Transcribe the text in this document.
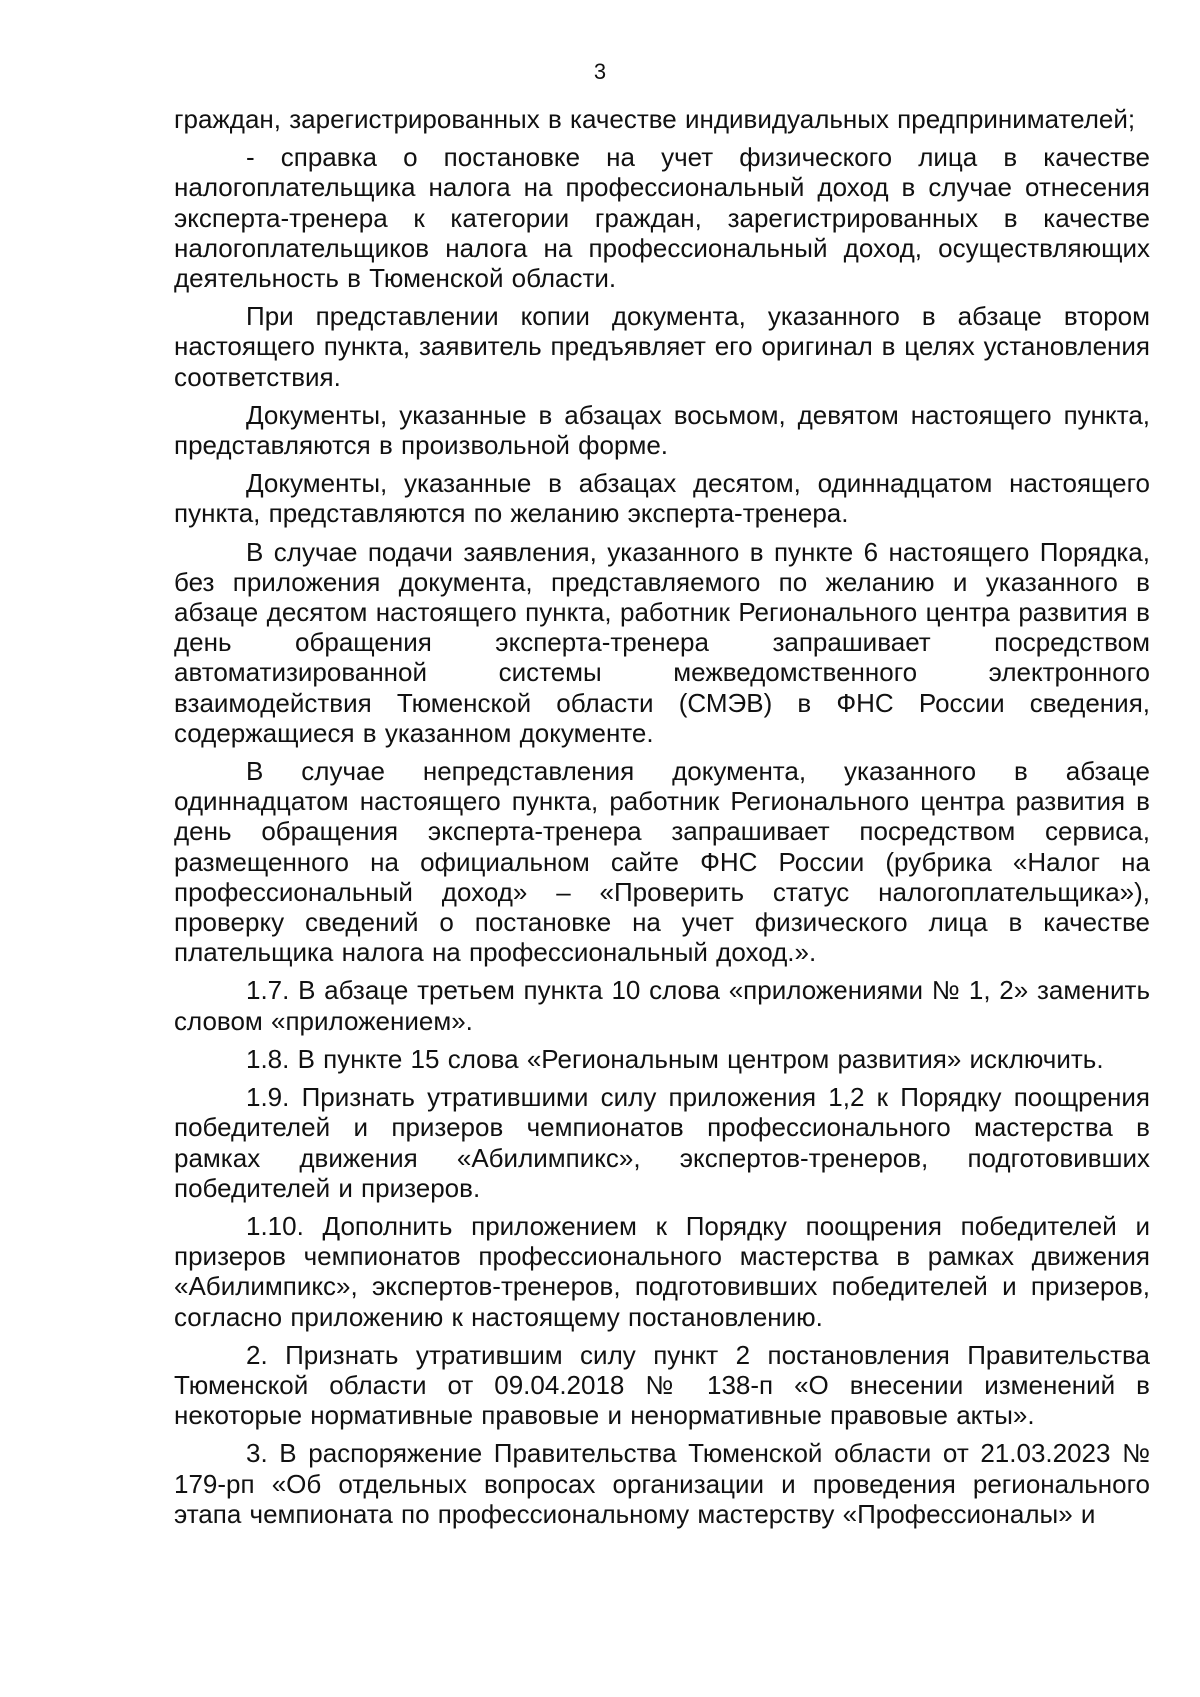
3

граждан, зарегистрированных в качестве индивидуальных предпринимателей;

- справка о постановке на учет физического лица в качестве налогоплательщика налога на профессиональный доход в случае отнесения эксперта-тренера к категории граждан, зарегистрированных в качестве налогоплательщиков налога на профессиональный доход, осуществляющих деятельность в Тюменской области.

При представлении копии документа, указанного в абзаце втором настоящего пункта, заявитель предъявляет его оригинал в целях установления соответствия.

Документы, указанные в абзацах восьмом, девятом настоящего пункта, представляются в произвольной форме.

Документы, указанные в абзацах десятом, одиннадцатом настоящего пункта, представляются по желанию эксперта-тренера.

В случае подачи заявления, указанного в пункте 6 настоящего Порядка, без приложения документа, представляемого по желанию и указанного в абзаце десятом настоящего пункта, работник Регионального центра развития в день обращения эксперта-тренера запрашивает посредством автоматизированной системы межведомственного электронного взаимодействия Тюменской области (СМЭВ) в ФНС России сведения, содержащиеся в указанном документе.

В случае непредставления документа, указанного в абзаце одиннадцатом настоящего пункта, работник Регионального центра развития в день обращения эксперта-тренера запрашивает посредством сервиса, размещенного на официальном сайте ФНС России (рубрика «Налог на профессиональный доход» – «Проверить статус налогоплательщика»), проверку сведений о постановке на учет физического лица в качестве плательщика налога на профессиональный доход.».

1.7. В абзаце третьем пункта 10 слова «приложениями № 1, 2» заменить словом «приложением».

1.8. В пункте 15 слова «Региональным центром развития» исключить.

1.9. Признать утратившими силу приложения 1,2 к Порядку поощрения победителей и призеров чемпионатов профессионального мастерства в рамках движения «Абилимпикс», экспертов-тренеров, подготовивших победителей и призеров.

1.10. Дополнить приложением к Порядку поощрения победителей и призеров чемпионатов профессионального мастерства в рамках движения «Абилимпикс», экспертов-тренеров, подготовивших победителей и призеров, согласно приложению к настоящему постановлению.

2. Признать утратившим силу пункт 2 постановления Правительства Тюменской области от 09.04.2018 № 138-п «О внесении изменений в некоторые нормативные правовые и ненормативные правовые акты».

3. В распоряжение Правительства Тюменской области от 21.03.2023 № 179-рп «Об отдельных вопросах организации и проведения регионального этапа чемпионата по профессиональному мастерству «Профессионалы» и
